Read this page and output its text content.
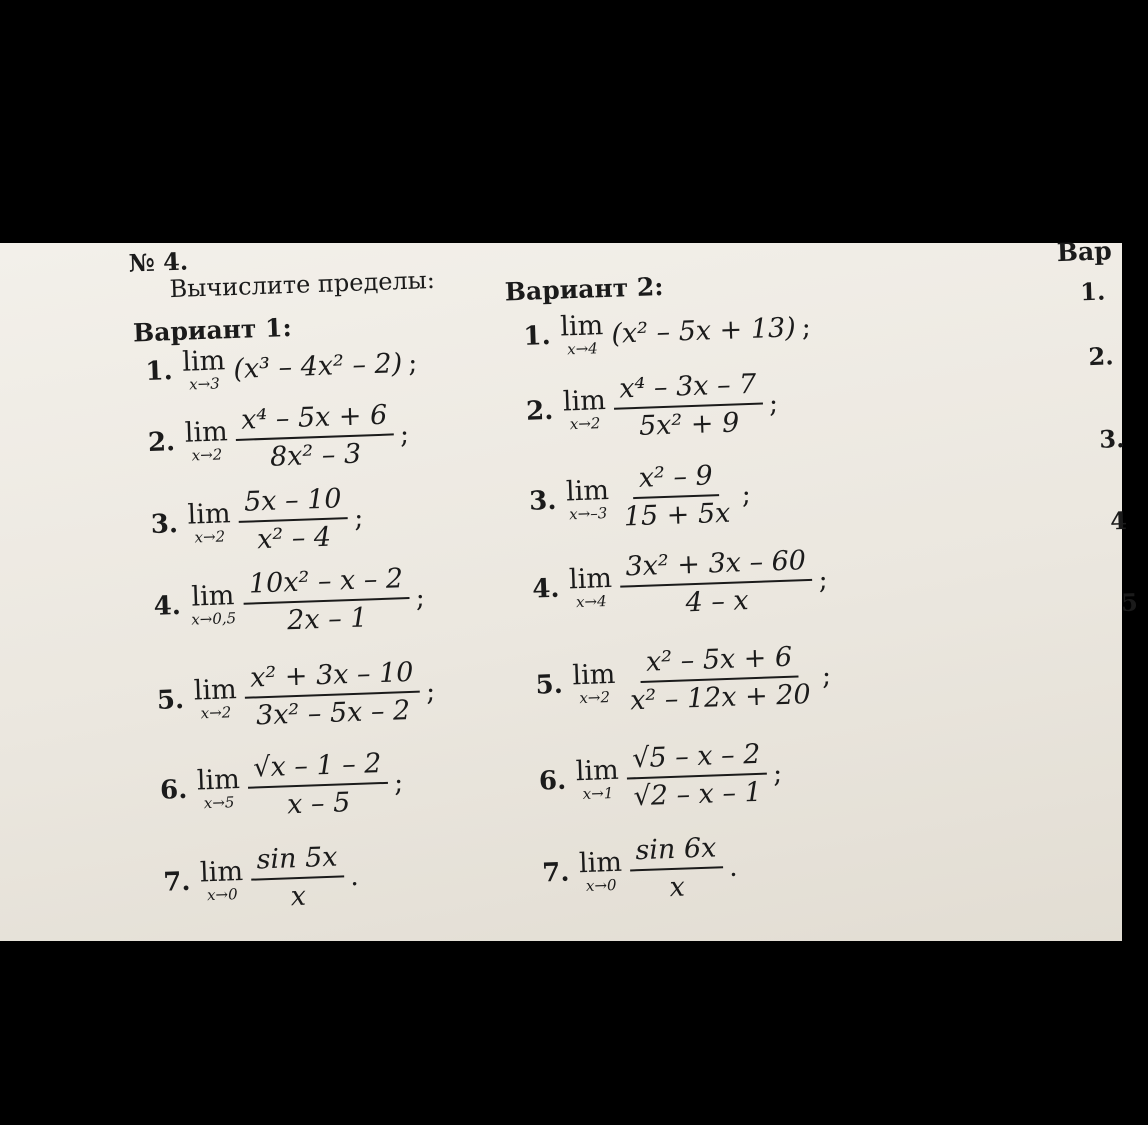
№ 4.
Вычислите пределы:
Вариант 1:
1. lim
x→3 (x³ – 4x² – 2) ;
2. lim
$x\to 2 \frac{\text{x⁴ – 5x + 6}}{\text{8x² – 3}}$ ;
3. lim
$x\to 2 \frac{5x - 10}{\text{x² – 4}}$ ;
4. lim
$x\to 0,5 \frac{\text{10x² – x – 2}}{2x - 1}$ ;
5. lim
$x\to 2 \frac{\text{x² + 3x – 10}}{\text{3x² – 5x – 2}}$ ;
6. lim
$x\to 5 \frac{√x - 1 - 2}{x - 5}$ ;
7. lim
$x\to 0 \frac{\sin 5x}{x}$ .
Вариант 2:
1. lim
x→4 (x² – 5x + 13) ;
2. lim
$x\to 2 \frac{\text{x⁴ – 3x – 7}}{\text{5x² + 9}}$ ;
3. lim
$x\to-3 \frac{\text{x² – 9}}{15 + 5x}$ ;
4. lim
$x\to 4 \frac{\text{3x² + 3x – 60}}{4 - x}$ ;
5. lim
$x\to 2 \frac{\text{x² – 5x + 6}}{\text{x² – 12x + 20}}$ ;
6. lim
$x\to 1 \frac{√5 - x - 2}{√2 - x - 1}$ ;
7. lim
$x\to 0 \frac{\sin 6x}{x}$ .
Вар
1.
2.
3.
4
5
